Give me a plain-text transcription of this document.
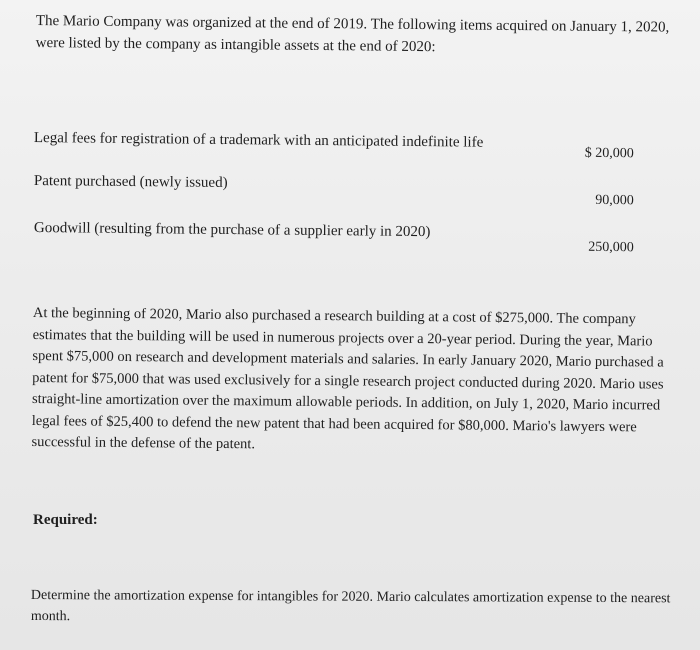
The Mario Company was organized at the end of 2019. The following items acquired on January 1, 2020, were listed by the company as intangible assets at the end of 2020:

Legal fees for registration of a trademark with an anticipated indefinite life
$ 20,000
Patent purchased (newly issued)
90,000
Goodwill (resulting from the purchase of a supplier early in 2020)
250,000

At the beginning of 2020, Mario also purchased a research building at a cost of $275,000. The company estimates that the building will be used in numerous projects over a 20-year period. During the year, Mario spent $75,000 on research and development materials and salaries. In early January 2020, Mario purchased a patent for $75,000 that was used exclusively for a single research project conducted during 2020. Mario uses straight-line amortization over the maximum allowable periods. In addition, on July 1, 2020, Mario incurred legal fees of $25,400 to defend the new patent that had been acquired for $80,000. Mario's lawyers were successful in the defense of the patent.

Required:

Determine the amortization expense for intangibles for 2020. Mario calculates amortization expense to the nearest month.
